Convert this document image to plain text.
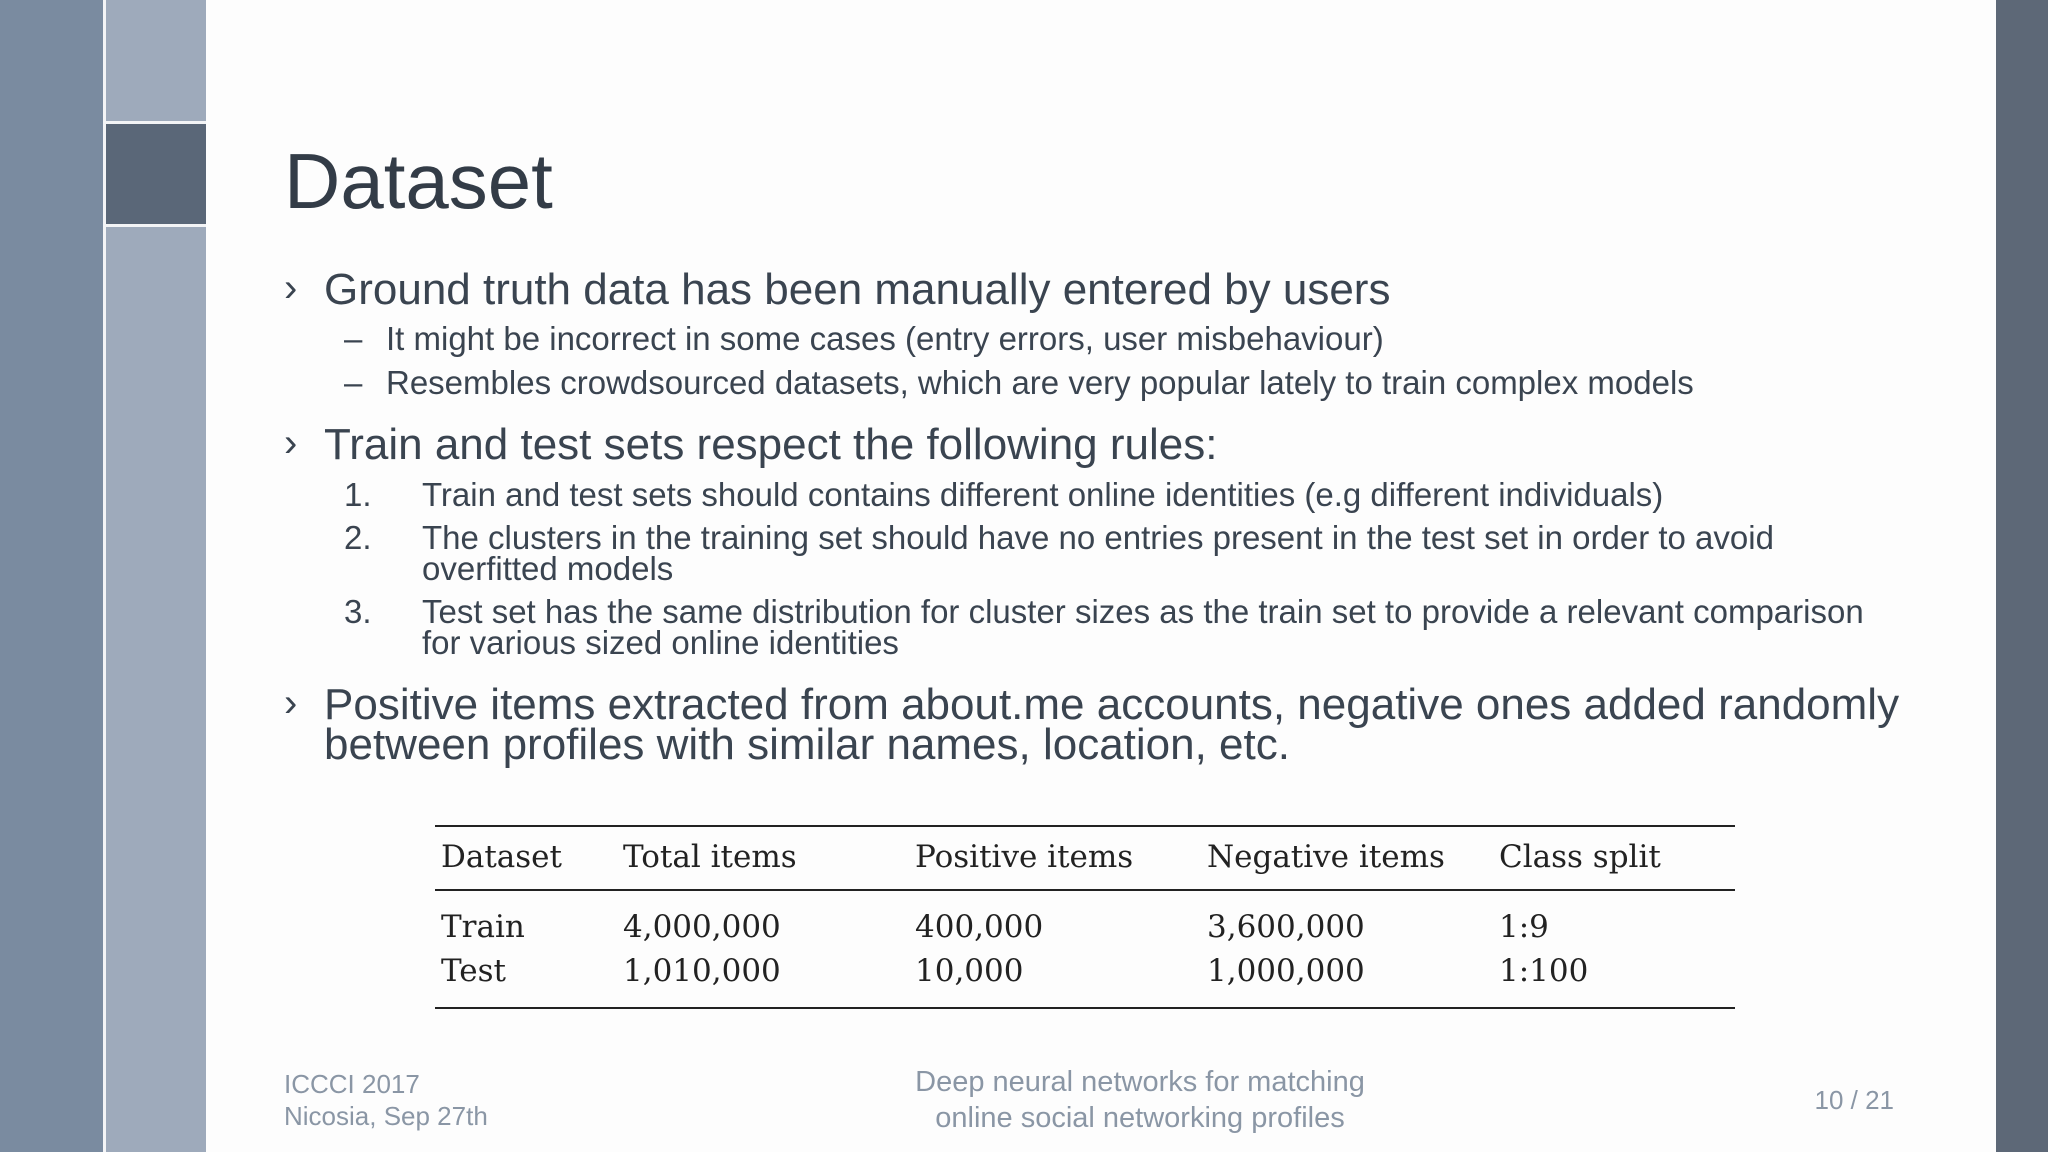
Dataset
› Ground truth data has been manually entered by users
– It might be incorrect in some cases (entry errors, user misbehaviour)
– Resembles crowdsourced datasets, which are very popular lately to train complex models
› Train and test sets respect the following rules:
1. Train and test sets should contains different online identities (e.g different individuals)
2. The clusters in the training set should have no entries present in the test set in order to avoid overfitted models
3. Test set has the same distribution for cluster sizes as the train set to provide a relevant comparison for various sized online identities
› Positive items extracted from about.me accounts, negative ones added randomly between profiles with similar names, location, etc.
Dataset	Total items	Positive items	Negative items	Class split
Train	4,000,000	400,000	3,600,000	1:9
Test	1,010,000	10,000	1,000,000	1:100
ICCCI 2017
Nicosia, Sep 27th
Deep neural networks for matching
online social networking profiles
10 / 21
